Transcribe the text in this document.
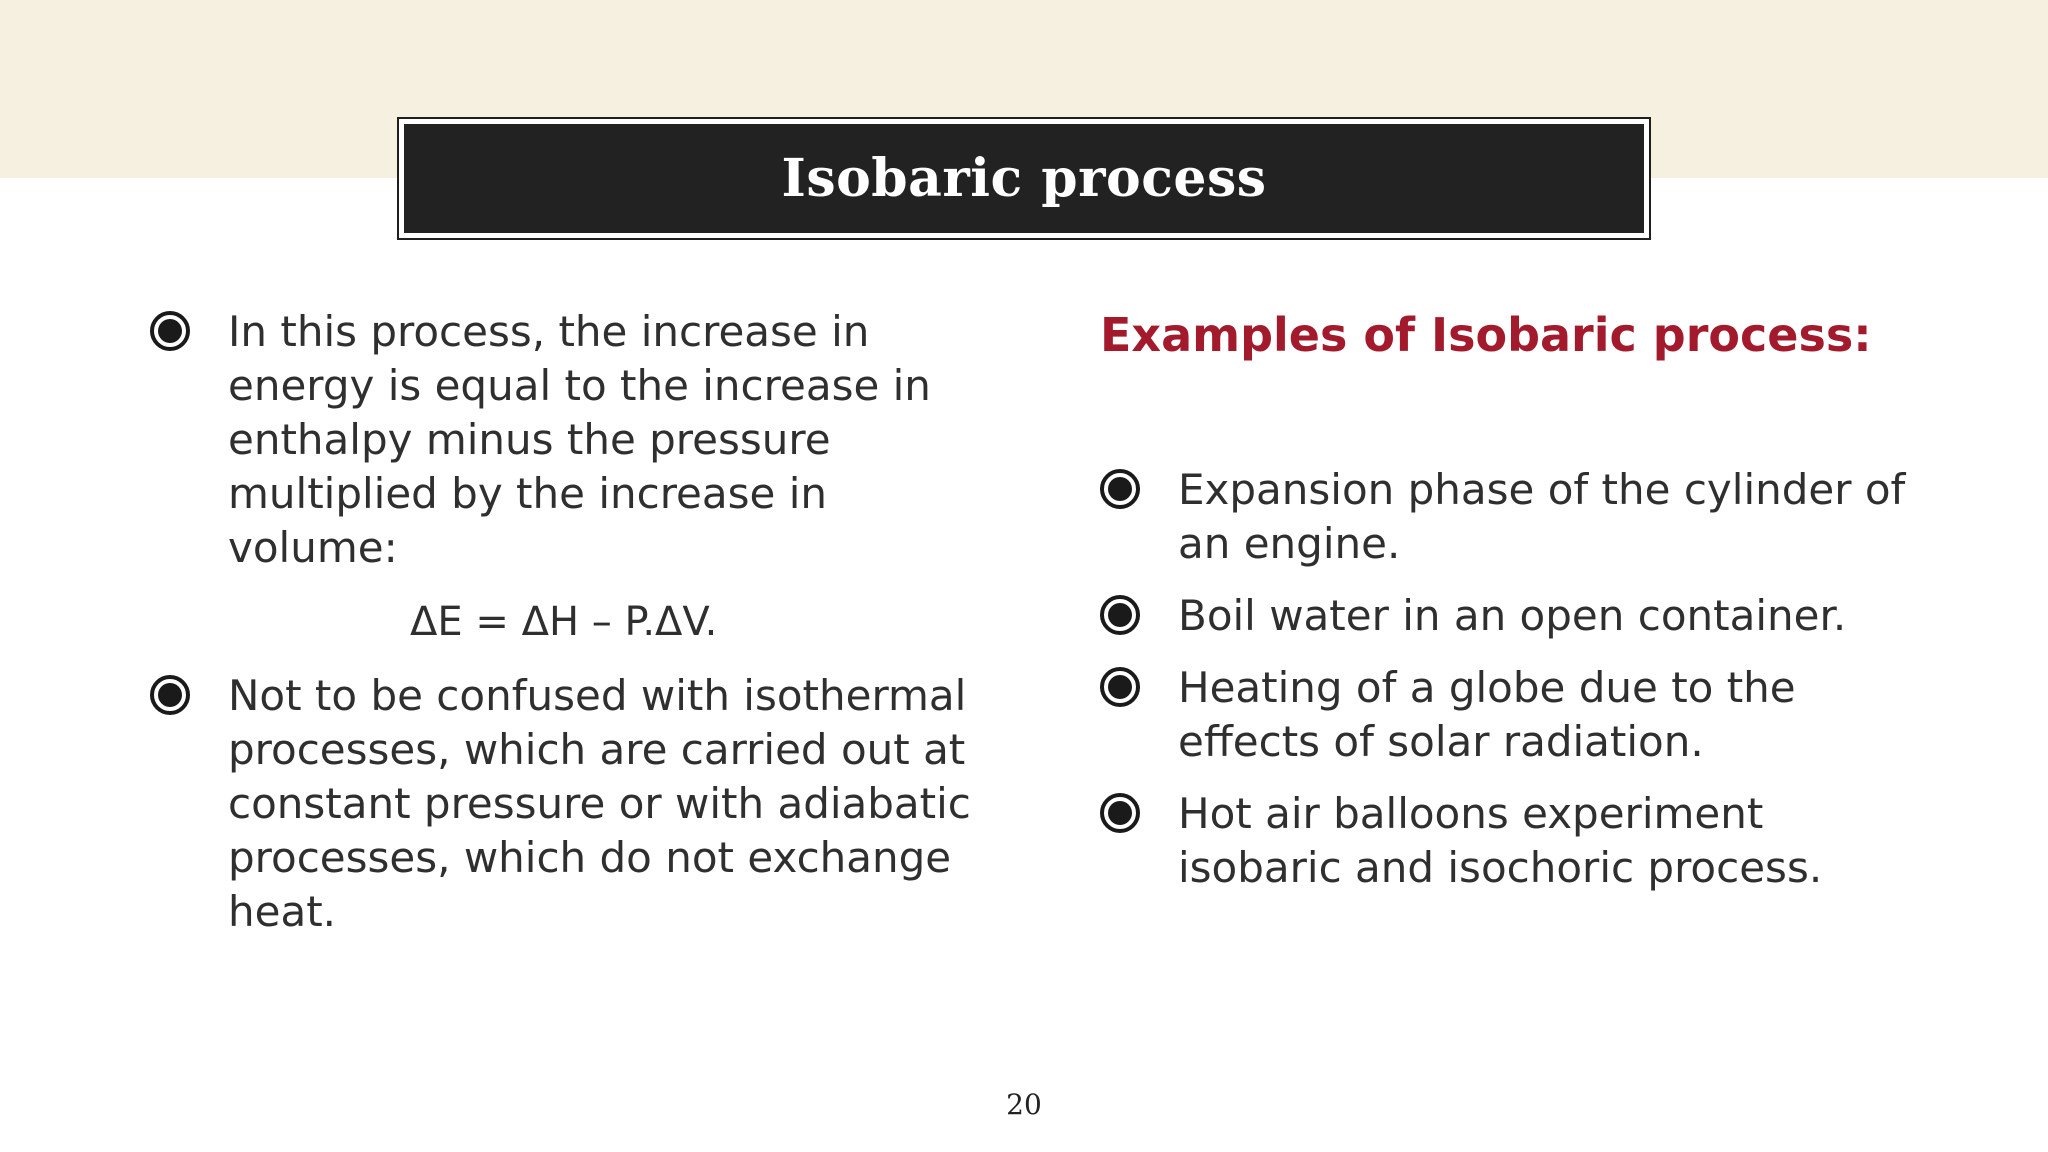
Isobaric process
In this process, the increase in energy is equal to the increase in enthalpy minus the pressure multiplied by the increase in volume:
ΔE = ΔH – P.ΔV.
Not to be confused with isothermal processes, which are carried out at constant pressure or with adiabatic processes, which do not exchange heat.
Examples of Isobaric process:
Expansion phase of the cylinder of an engine.
Boil water in an open container.
Heating of a globe due to the effects of solar radiation.
Hot air balloons experiment isobaric and isochoric process.
20
